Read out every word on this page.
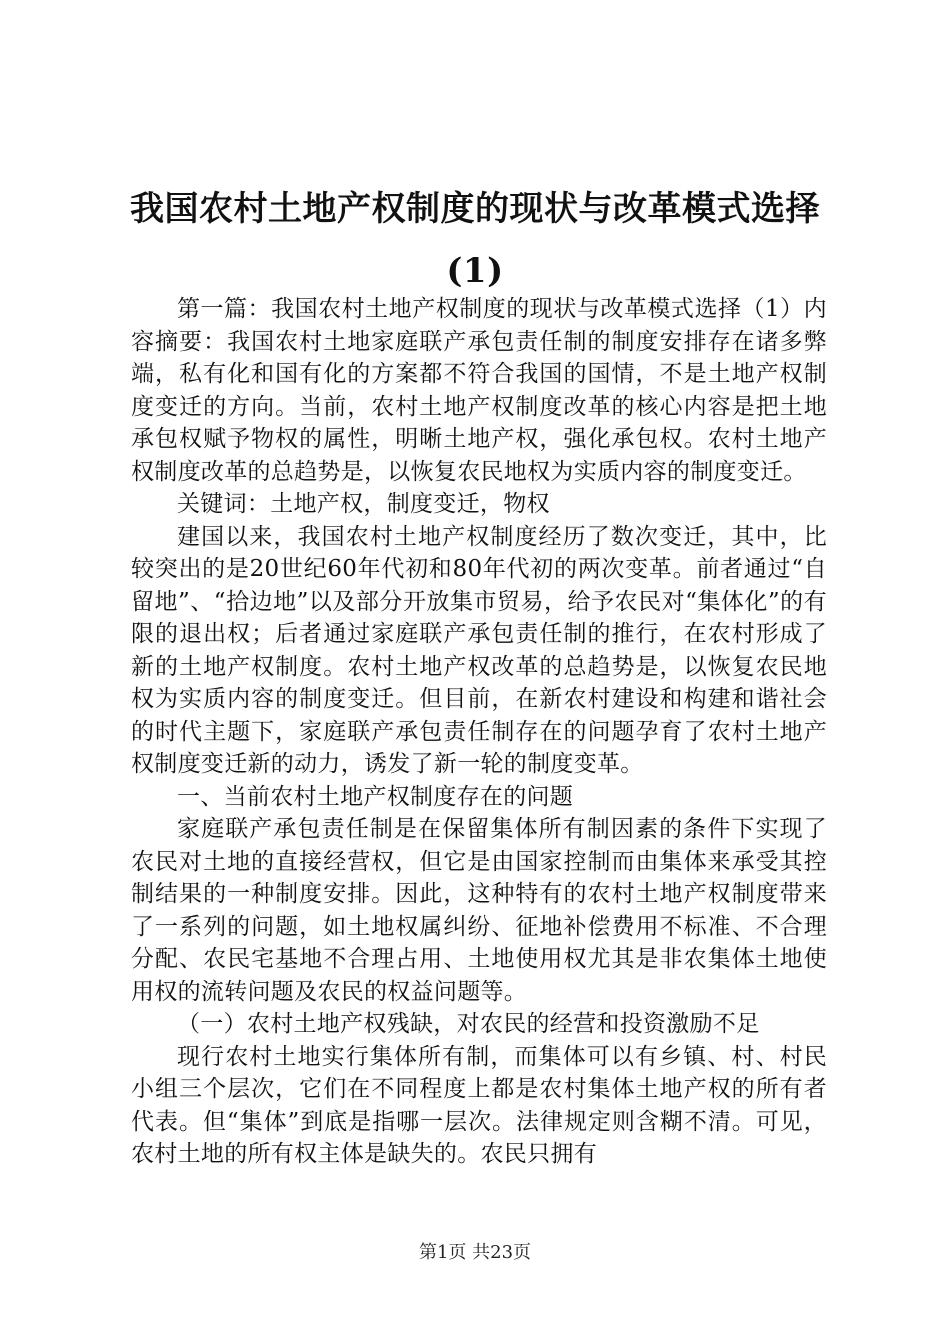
我国农村土地产权制度的现状与改革模式选择(1)

第一篇：我国农村土地产权制度的现状与改革模式选择（1）内容摘要：我国农村土地家庭联产承包责任制的制度安排存在诸多弊端，私有化和国有化的方案都不符合我国的国情，不是土地产权制度变迁的方向。当前，农村土地产权制度改革的核心内容是把土地承包权赋予物权的属性，明晰土地产权，强化承包权。农村土地产权制度改革的总趋势是，以恢复农民地权为实质内容的制度变迁。

关键词：土地产权，制度变迁，物权

建国以来，我国农村土地产权制度经历了数次变迁，其中，比较突出的是20世纪60年代初和80年代初的两次变革。前者通过“自留地”、“拾边地”以及部分开放集市贸易，给予农民对“集体化”的有限的退出权；后者通过家庭联产承包责任制的推行，在农村形成了新的土地产权制度。农村土地产权改革的总趋势是，以恢复农民地权为实质内容的制度变迁。但目前，在新农村建设和构建和谐社会的时代主题下，家庭联产承包责任制存在的问题孕育了农村土地产权制度变迁新的动力，诱发了新一轮的制度变革。

一、当前农村土地产权制度存在的问题

家庭联产承包责任制是在保留集体所有制因素的条件下实现了农民对土地的直接经营权，但它是由国家控制而由集体来承受其控制结果的一种制度安排。因此，这种特有的农村土地产权制度带来了一系列的问题，如土地权属纠纷、征地补偿费用不标准、不合理分配、农民宅基地不合理占用、土地使用权尤其是非农集体土地使用权的流转问题及农民的权益问题等。

（一）农村土地产权残缺，对农民的经营和投资激励不足

现行农村土地实行集体所有制，而集体可以有乡镇、村、村民小组三个层次，它们在不同程度上都是农村集体土地产权的所有者代表。但“集体”到底是指哪一层次。法律规定则含糊不清。可见，农村土地的所有权主体是缺失的。农民只拥有

第1页 共23页
